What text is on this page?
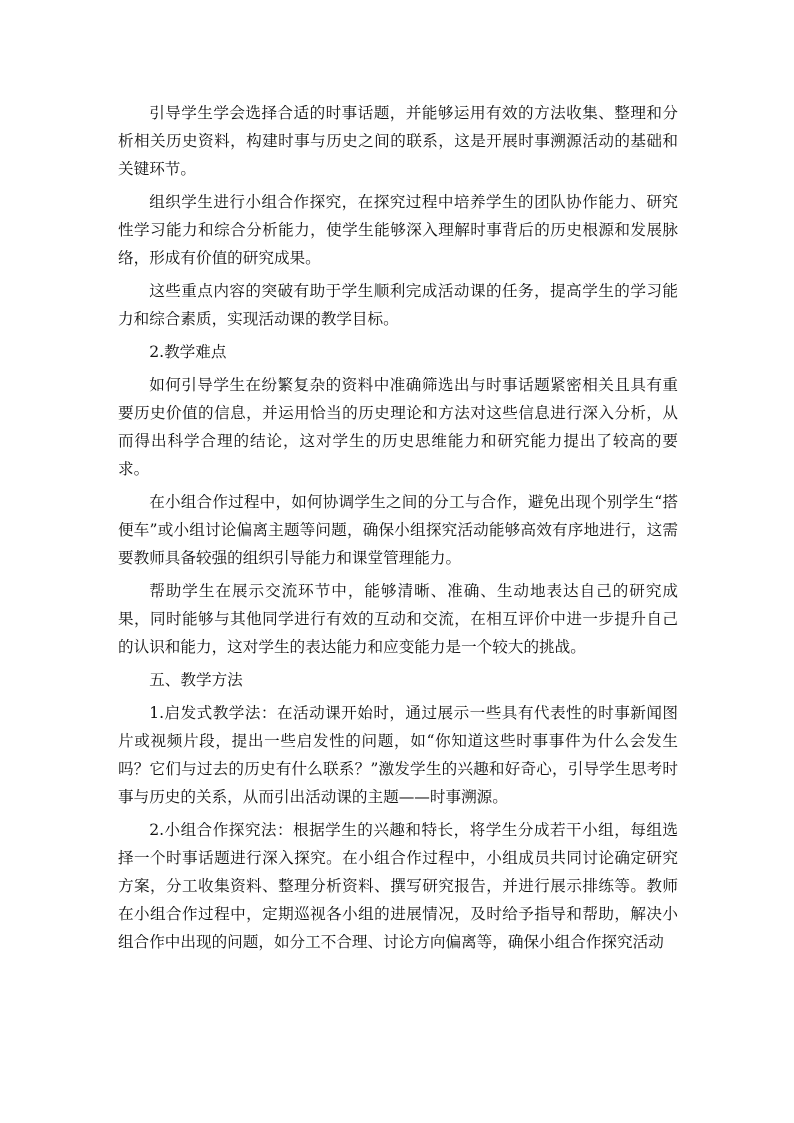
引导学生学会选择合适的时事话题，并能够运用有效的方法收集、整理和分析相关历史资料，构建时事与历史之间的联系，这是开展时事溯源活动的基础和关键环节。

组织学生进行小组合作探究，在探究过程中培养学生的团队协作能力、研究性学习能力和综合分析能力，使学生能够深入理解时事背后的历史根源和发展脉络，形成有价值的研究成果。

这些重点内容的突破有助于学生顺利完成活动课的任务，提高学生的学习能力和综合素质，实现活动课的教学目标。

2.教学难点

如何引导学生在纷繁复杂的资料中准确筛选出与时事话题紧密相关且具有重要历史价值的信息，并运用恰当的历史理论和方法对这些信息进行深入分析，从而得出科学合理的结论，这对学生的历史思维能力和研究能力提出了较高的要求。

在小组合作过程中，如何协调学生之间的分工与合作，避免出现个别学生“搭便车”或小组讨论偏离主题等问题，确保小组探究活动能够高效有序地进行，这需要教师具备较强的组织引导能力和课堂管理能力。

帮助学生在展示交流环节中，能够清晰、准确、生动地表达自己的研究成果，同时能够与其他同学进行有效的互动和交流，在相互评价中进一步提升自己的认识和能力，这对学生的表达能力和应变能力是一个较大的挑战。

五、教学方法

1.启发式教学法：在活动课开始时，通过展示一些具有代表性的时事新闻图片或视频片段，提出一些启发性的问题，如“你知道这些时事事件为什么会发生吗？它们与过去的历史有什么联系？”激发学生的兴趣和好奇心，引导学生思考时事与历史的关系，从而引出活动课的主题——时事溯源。

2.小组合作探究法：根据学生的兴趣和特长，将学生分成若干小组，每组选择一个时事话题进行深入探究。在小组合作过程中，小组成员共同讨论确定研究方案，分工收集资料、整理分析资料、撰写研究报告，并进行展示排练等。教师在小组合作过程中，定期巡视各小组的进展情况，及时给予指导和帮助，解决小组合作中出现的问题，如分工不合理、讨论方向偏离等，确保小组合作探究活动
